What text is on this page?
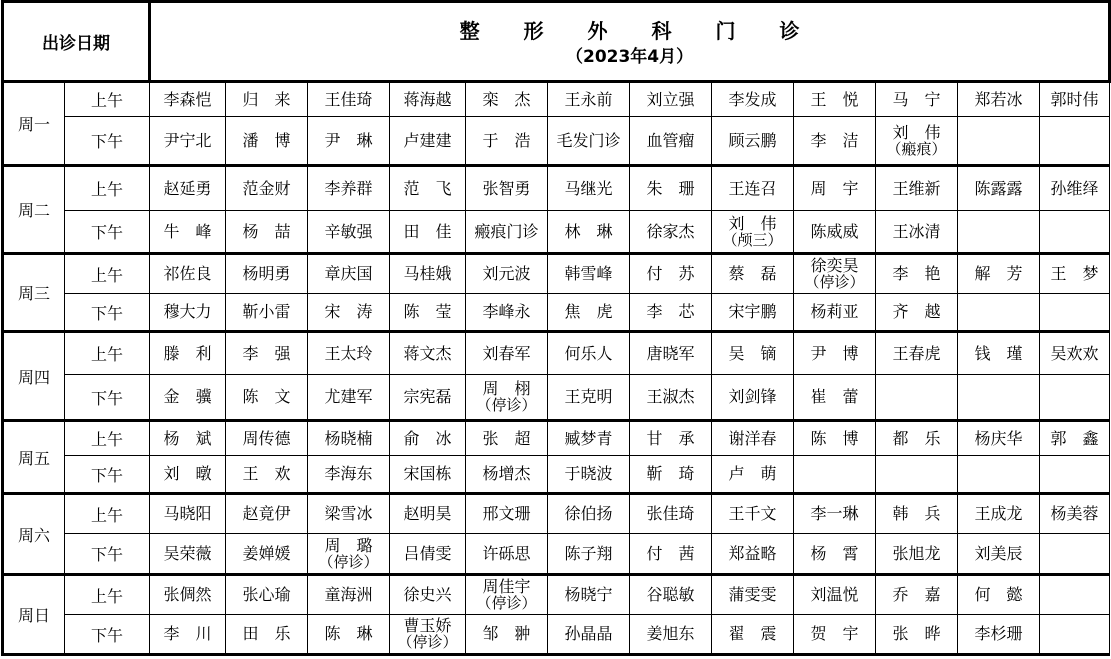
出诊日期		整形外科门诊
（2023年4月）											

周一	上午	李森恺	归　来	王佳琦	蒋海越	栾　杰	王永前	刘立强	李发成	王　悦	马　宁	郑若冰	郭时伟
	下午	尹宁北	潘　博	尹　琳	卢建建	于　浩	毛发门诊	血管瘤	顾云鹏	李　洁	刘　伟
（瘢痕）		

周二	上午	赵延勇	范金财	李养群	范　飞	张智勇	马继光	朱　珊	王连召	周　宇	王维新	陈露露	孙维绎
	下午	牛　峰	杨　喆	辛敏强	田　佳	瘢痕门诊	林　琳	徐家杰	刘　伟
（颅三）	陈威威	王冰清		
周三	上午	祁佐良	杨明勇	章庆国	马桂娥	刘元波	韩雪峰	付　苏	蔡　磊	徐奕昊
（停诊）	李　艳	解　芳	王　梦
	下午	穆大力	靳小雷	宋　涛	陈　莹	李峰永	焦　虎	李　芯	宋宇鹏	杨莉亚	齐　越		
周四	上午	滕　利	李　强	王太玲	蒋文杰	刘春军	何乐人	唐晓军	吴　镝	尹　博	王春虎	钱　瑾	吴欢欢
	下午	金　骥	陈　文	尤建军	宗宪磊	周　栩
（停诊）	王克明	王淑杰	刘剑锋	崔　蕾			
周五	上午	杨　斌	周传德	杨晓楠	俞　冰	张　超	臧梦青	甘　承	谢洋春	陈　博	都　乐	杨庆华	郭　鑫
	下午	刘　暾	王　欢	李海东	宋国栋	杨增杰	于晓波	靳　琦	卢　萌				
周六	上午	马晓阳	赵竟伊	梁雪冰	赵明昊	邢文珊	徐伯扬	张佳琦	王千文	李一琳	韩　兵	王成龙	杨美蓉
	下午	吴荣薇	姜婵媛	周　璐
（停诊）	吕倩雯	许砾思	陈子翔	付　茜	郑益略	杨　霄	张旭龙	刘美辰	
周日	上午	张倜然	张心瑜	童海洲	徐史兴	周佳宇
（停诊）	杨晓宁	谷聪敏	蒲雯雯	刘温悦	乔　嘉	何　懿	
	下午	李　川	田　乐	陈　琳	曹玉娇
（停诊）	邹　翀	孙晶晶	姜旭东	翟　震	贺　宇	张　晔	李杉珊	
